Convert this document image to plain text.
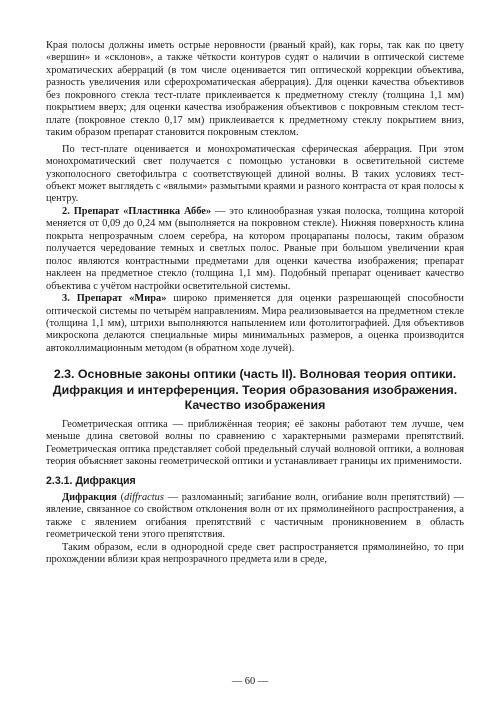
Края полосы должны иметь острые неровности (рваный край), как горы, так как по цвету «вершин» и «склонов», а также чёткости контуров судят о наличии в оптической системе хроматических аберраций (в том числе оценивается тип оптической коррекции объектива, разность увеличения или сферохроматическая аберрация). Для оценки качества объективов без покровного стекла тест-плате приклеивается к предметному стеклу (толщина 1,1 мм) покрытием вверх; для оценки качества изображения объективов с покровным стеклом тест-плате (покровное стекло 0,17 мм) приклеивается к предметному стеклу покрытием вниз, таким образом препарат становится покровным стеклом.

По тест-плате оценивается и монохроматическая сферическая аберрация. При этом монохроматический свет получается с помощью установки в осветительной системе узкополосного светофильтра с соответствующей длиной волны. В таких условиях тест-объект может выглядеть с «вялыми» размытыми краями и разного контраста от края полосы к центру.

2. Препарат «Пластинка Аббе» — это клинообразная узкая полоска, толщина которой меняется от 0,09 до 0,24 мм (выполняется на покровном стекле). Нижняя поверхность клина покрыта непрозрачным слоем серебра, на котором процарапаны полосы, таким образом получается чередование темных и светлых полос. Рваные при большом увеличении края полос являются контрастными предметами для оценки качества изображения; препарат наклеен на предметное стекло (толщина 1,1 мм). Подобный препарат оценивает качество объектива с учётом настройки осветительной системы.

3. Препарат «Мира» широко применяется для оценки разрешающей способности оптической системы по четырём направлениям. Мира реализовывается на предметном стекле (толщина 1,1 мм), штрихи выполняются напылением или фотолитографией. Для объективов микроскопа делаются специальные миры минимальных размеров, а оценка производится автоколлимационным методом (в обратном ходе лучей).

2.3. Основные законы оптики (часть II). Волновая теория оптики. Дифракция и интерференция. Теория образования изображения. Качество изображения

Геометрическая оптика — приближённая теория; её законы работают тем лучше, чем меньше длина световой волны по сравнению с характерными размерами препятствий. Геометрическая оптика представляет собой предельный случай волновой оптики, а волновая теория объясняет законы геометрической оптики и устанавливает границы их применимости.

2.3.1. Дифракция

Дифракция (diffractus — разломанный; загибание волн, огибание волн препятствий) — явление, связанное со свойством отклонения волн от их прямолинейного распространения, а также с явлением огибания препятствий с частичным проникновением в область геометрической тени этого препятствия.

Таким образом, если в однородной среде свет распространяется прямолинейно, то при прохождении вблизи края непрозрачного предмета или в среде,

— 60 —
